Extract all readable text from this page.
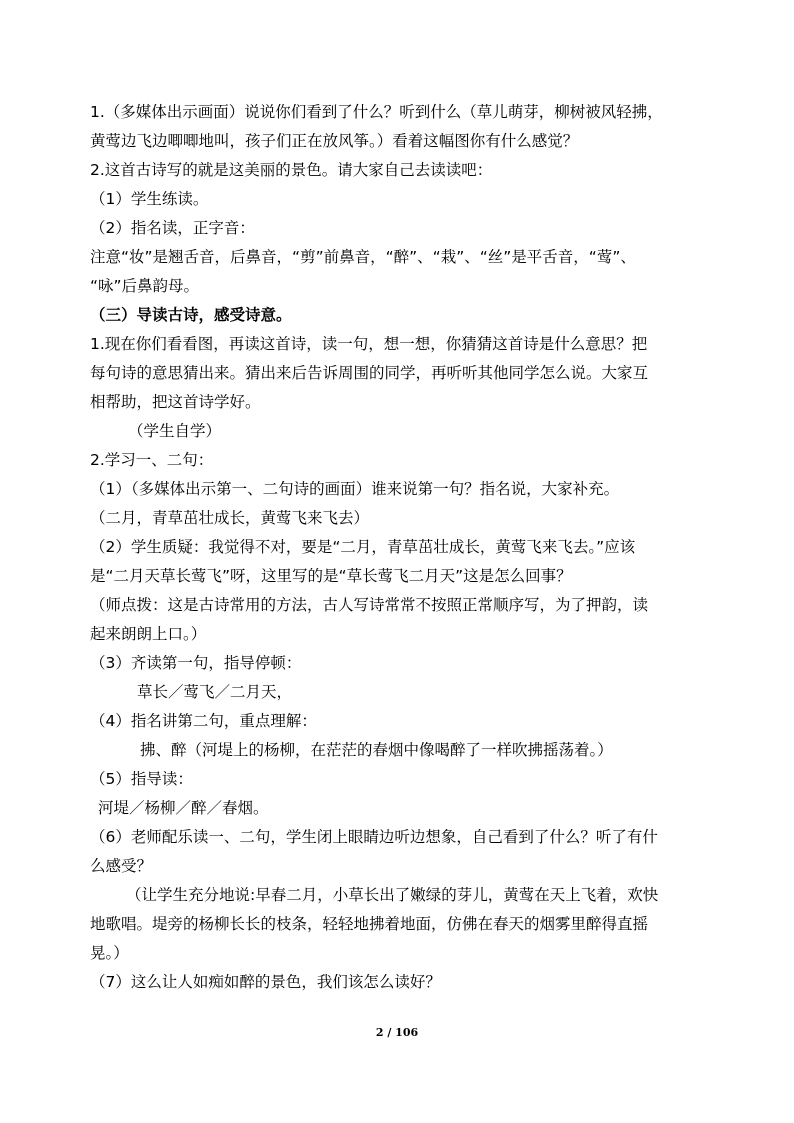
1.（多媒体出示画面）说说你们看到了什么？听到什么（草儿萌芽，柳树被风轻拂，
黄莺边飞边唧唧地叫，孩子们正在放风筝。）看着这幅图你有什么感觉？
2.这首古诗写的就是这美丽的景色。请大家自己去读读吧：
（1）学生练读。
（2）指名读，正字音：
注意“妆”是翘舌音，后鼻音，“剪”前鼻音，“醉”、“栽”、“丝”是平舌音，“莺”、
“咏”后鼻韵母。
（三）导读古诗，感受诗意。
1.现在你们看看图，再读这首诗，读一句，想一想，你猜猜这首诗是什么意思？把
每句诗的意思猜出来。猜出来后告诉周围的同学，再听听其他同学怎么说。大家互
相帮助，把这首诗学好。
（学生自学）
2.学习一、二句：
（1）（多媒体出示第一、二句诗的画面）谁来说第一句？指名说，大家补充。
（二月，青草茁壮成长，黄莺飞来飞去）
（2）学生质疑：我觉得不对，要是“二月，青草茁壮成长，黄莺飞来飞去。”应该
是“二月天草长莺飞”呀，这里写的是“草长莺飞二月天”这是怎么回事？
（师点拨：这是古诗常用的方法，古人写诗常常不按照正常顺序写，为了押韵，读
起来朗朗上口。）
（3）齐读第一句，指导停顿：
草长／莺飞／二月天，
（4）指名讲第二句，重点理解：
拂、醉（河堤上的杨柳，在茫茫的春烟中像喝醉了一样吹拂摇荡着。）
（5）指导读：
河堤／杨柳／醉／春烟。
（6）老师配乐读一、二句，学生闭上眼睛边听边想象，自己看到了什么？听了有什
么感受？
（让学生充分地说:早春二月，小草长出了嫩绿的芽儿，黄莺在天上飞着，欢快
地歌唱。堤旁的杨柳长长的枝条，轻轻地拂着地面，仿佛在春天的烟雾里醉得直摇
晃。）
（7）这么让人如痴如醉的景色，我们该怎么读好？
2 / 106
